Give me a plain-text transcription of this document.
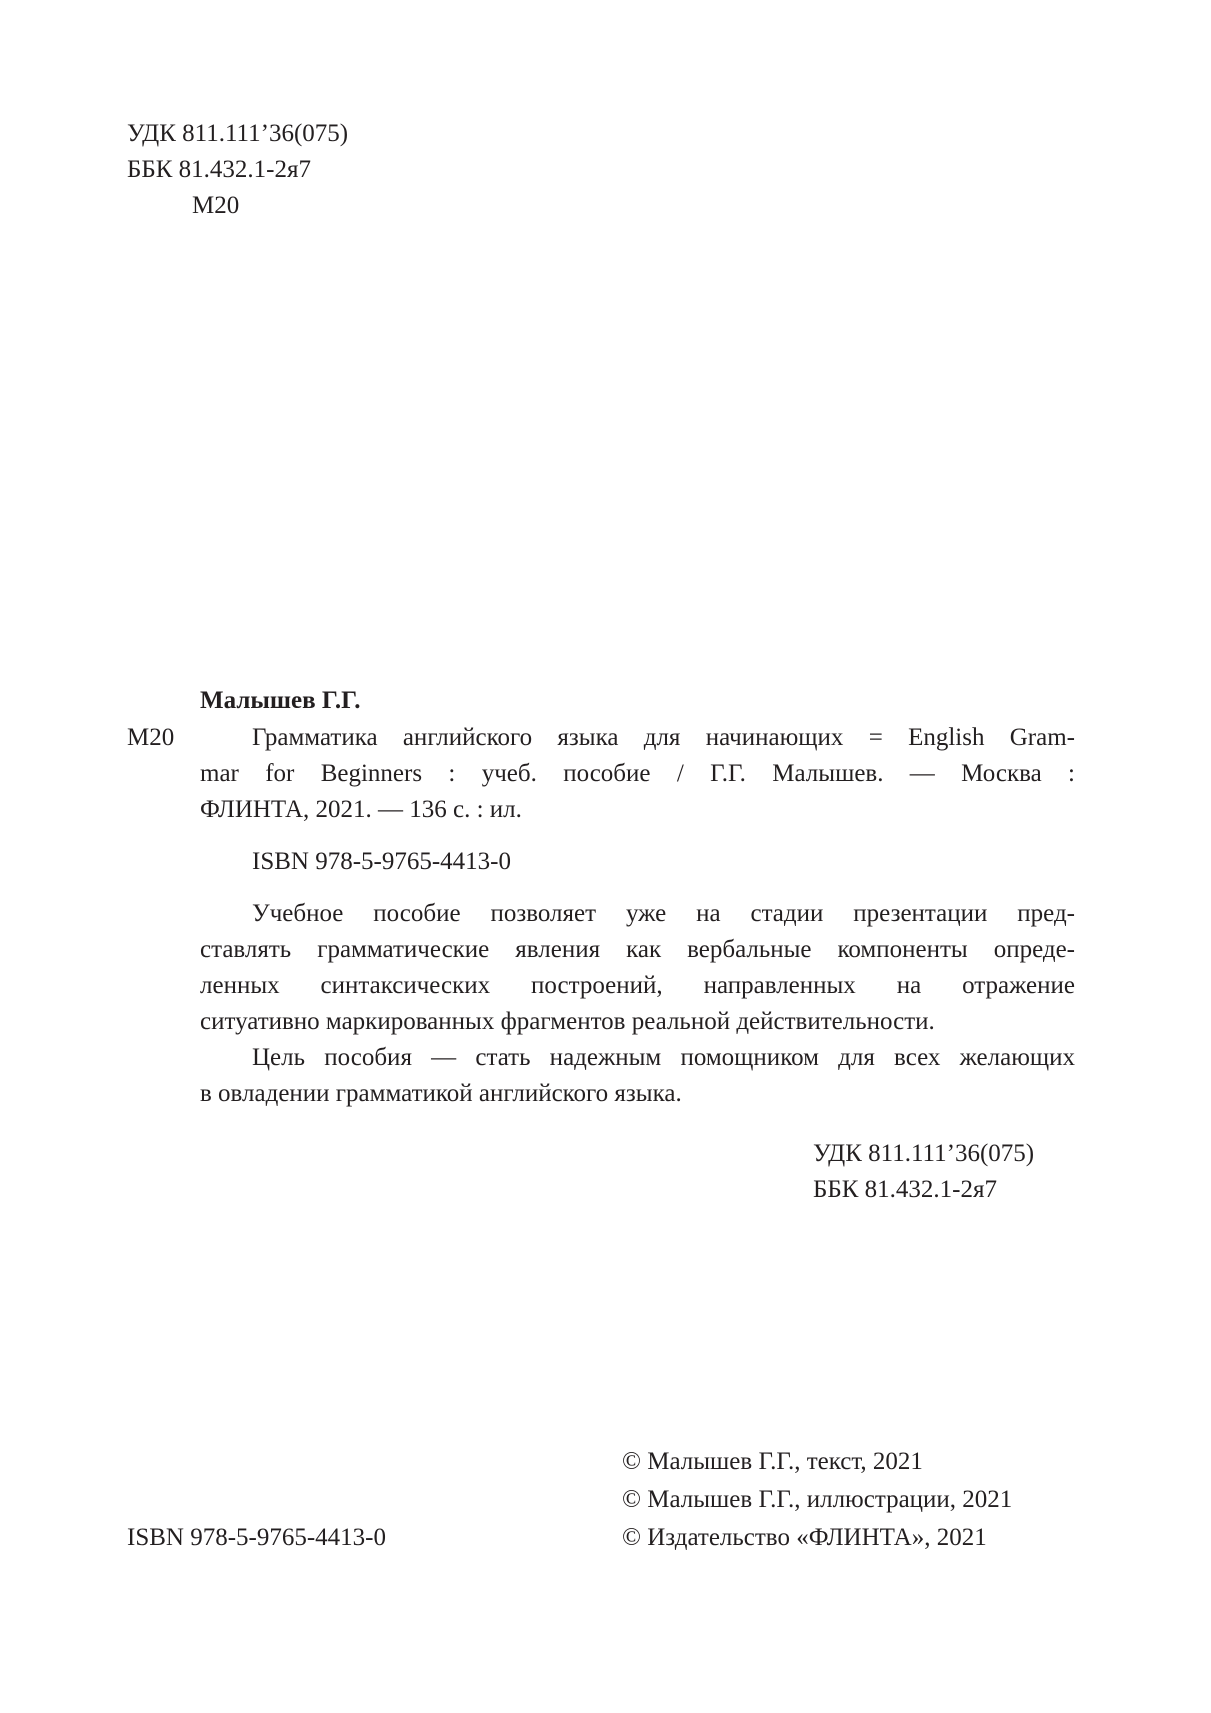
УДК 811.111’36(075)
ББК 81.432.1-2я7
М20
Малышев Г.Г.
М20	Грамматика английского языка для начинающих = English Gram-
mar for Beginners : учеб. пособие / Г.Г. Малышев. — Москва :
ФЛИНТА, 2021. — 136 с. : ил.
ISBN 978-5-9765-4413-0
Учебное пособие позволяет уже на стадии презентации пред-
ставлять грамматические явления как вербальные компоненты опреде-
ленных синтаксических построений, направленных на отражение
ситуативно маркированных фрагментов реальной действительности.
Цель пособия — стать надежным помощником для всех желающих
в овладении грамматикой английского языка.
УДК 811.111’36(075)
ББК 81.432.1-2я7
© Малышев Г.Г., текст, 2021
© Малышев Г.Г., иллюстрации, 2021
© Издательство «ФЛИНТА», 2021
ISBN 978-5-9765-4413-0
